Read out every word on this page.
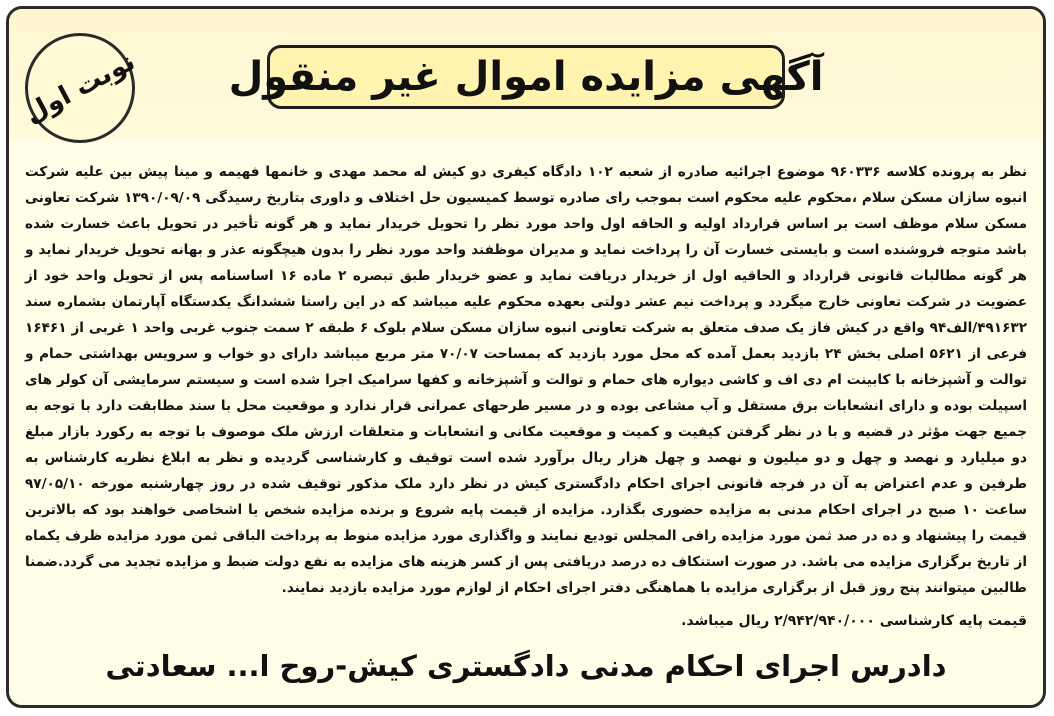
نوبت اول آگهی مزایده اموال غیر منقول
نظر به پرونده کلاسه ۹۶۰۳۳۶ موضوع اجرائیه صادره از شعبه ۱۰۲ دادگاه کیفری دو کیش له محمد مهدی و خانمها فهیمه و مینا پیش بین علیه شرکت انبوه سازان مسکن سلام ،محکوم علیه محکوم است بموجب رای صادره توسط کمیسیون حل اختلاف و داوری بتاریخ رسیدگی ۱۳۹۰/۰۹/۰۹ شرکت تعاونی مسکن سلام موظف است بر اساس قرارداد اولیه و الحاقه اول واحد مورد نظر را تحویل خریدار نماید و هر گونه تأخیر در تحویل باعث خسارت شده باشد متوجه فروشنده است و بایستی خسارت آن را پرداخت نماید و مدیران موظفند واحد مورد نظر را بدون هیچگونه عذر و بهانه تحویل خریدار نماید و هر گونه مطالبات قانونی قرارداد و الحاقیه اول از خریدار دریافت نماید و عضو خریدار طبق تبصره ۲ ماده ۱۶ اساسنامه پس از تحویل واحد خود از عضویت در شرکت تعاونی خارج میگردد و پرداخت نیم عشر دولتی بعهده محکوم علیه میباشد که در این راستا ششدانگ یکدستگاه آپارتمان بشماره سند ۴۹۱۶۳۲/الف۹۴ واقع در کیش فاز یک صدف متعلق به شرکت تعاونی انبوه سازان مسکن سلام بلوک ۶ طبقه ۲ سمت جنوب غربی واحد ۱ غربی از ۱۶۴۶۱ فرعی از ۵۶۲۱ اصلی بخش ۲۴ بازدید بعمل آمده که محل مورد بازدید که بمساحت ۷۰/۰۷ متر مربع میباشد دارای دو خواب و سرویس بهداشتی حمام و توالت و آشپزخانه با کابینت ام دی اف و کاشی دیواره های حمام و توالت و آشپزخانه و کفها سرامیک اجرا شده است و سیستم سرمایشی آن کولر های اسپیلت بوده و دارای انشعابات برق مستقل و آب مشاعی بوده و در مسیر طرحهای عمرانی قرار ندارد و موقعیت محل با سند مطابقت دارد با توجه به جمیع جهت مؤثر در قضیه و با در نظر گرفتن کیفیت و کمیت و موقعیت مکانی و انشعابات و متعلقات ارزش ملک موصوف با توجه به رکورد بازار مبلغ دو میلیارد و نهصد و چهل و دو میلیون و نهصد و چهل هزار ریال برآورد شده است توقیف و کارشناسی گردیده و نظر به ابلاغ نظریه کارشناس به طرفین و عدم اعتراض به آن در فرجه قانونی اجرای احکام دادگستری کیش در نظر دارد ملک مذکور توقیف شده در روز چهارشنبه مورخه ۹۷/۰۵/۱۰ ساعت ۱۰ صبح در اجرای احکام مدنی به مزایده حضوری بگذارد. مزایده از قیمت پایه شروع و برنده مزایده شخص یا اشخاصی خواهند بود که بالاترین قیمت را پیشنهاد و ده در صد ثمن مورد مزایده رافی المجلس تودیع نمایند و واگذاری مورد مزایده منوط به پرداخت الباقی ثمن مورد مزایده ظرف یکماه از تاریخ برگزاری مزایده می باشد. در صورت استنکاف ده درصد دریافتی پس از کسر هزینه های مزایده به نفع دولت ضبط و مزایده تجدید می گردد.ضمنا طالبین میتوانند پنج روز قبل از برگزاری مزایده با هماهنگی دفتر اجرای احکام از لوازم مورد مزایده بازدید نمایند.
قیمت پایه کارشناسی ۲/۹۴۲/۹۴۰/۰۰۰ ریال میباشد.
دادرس اجرای احکام مدنی دادگستری کیش-روح ا... سعادتی
